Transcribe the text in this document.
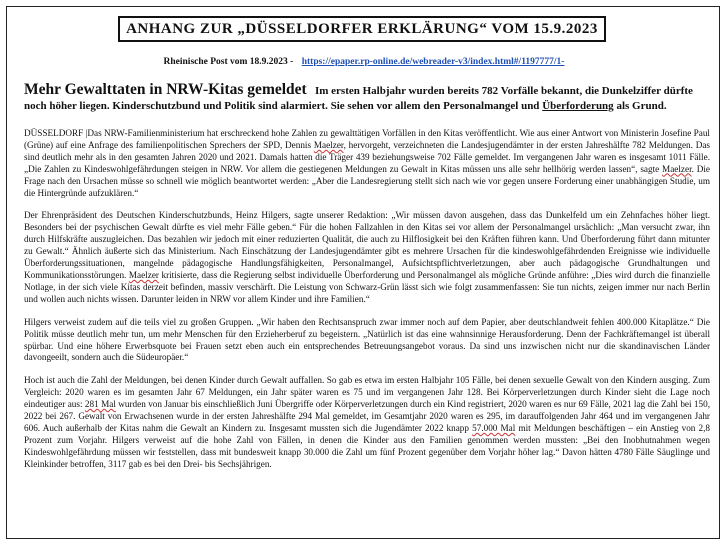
ANHANG ZUR „DÜSSELDORFER ERKLÄRUNG“ VOM 15.9.2023
Rheinische Post vom 18.9.2023 - https://epaper.rp-online.de/webreader-v3/index.html#/1197777/1-
Mehr Gewalttaten in NRW-Kitas gemeldet Im ersten Halbjahr wurden bereits 782 Vorfälle bekannt, die Dunkelziffer dürfte noch höher liegen. Kinderschutzbund und Politik sind alarmiert. Sie sehen vor allem den Personalmangel und Überforderung als Grund.

DÜSSELDORF |Das NRW-Familienministerium hat erschreckend hohe Zahlen zu gewalttätigen Vorfällen in den Kitas veröffentlicht. Wie aus einer Antwort von Ministerin Josefine Paul (Grüne) auf eine Anfrage des familienpolitischen Sprechers der SPD, Dennis Maelzer, hervorgeht, verzeichneten die Landesjugendämter in der ersten Jahreshälfte 782 Meldungen. Das sind deutlich mehr als in den gesamten Jahren 2020 und 2021. Damals hatten die Träger 439 beziehungsweise 702 Fälle gemeldet. Im vergangenen Jahr waren es insgesamt 1011 Fälle. „Die Zahlen zu Kindeswohlgefährdungen steigen in NRW. Vor allem die gestiegenen Meldungen zu Gewalt in Kitas müssen uns alle sehr hellhörig werden lassen“, sagte Maelzer. Die Frage nach den Ursachen müsse so schnell wie möglich beantwortet werden: „Aber die Landesregierung stellt sich nach wie vor gegen unsere Forderung einer unabhängigen Studie, um die Hintergründe aufzuklären.“

Der Ehrenpräsident des Deutschen Kinderschutzbunds, Heinz Hilgers, sagte unserer Redaktion: „Wir müssen davon ausgehen, dass das Dunkelfeld um ein Zehnfaches höher liegt. Besonders bei der psychischen Gewalt dürfte es viel mehr Fälle geben.“ Für die hohen Fallzahlen in den Kitas sei vor allem der Personalmangel ursächlich: „Man versucht zwar, ihn durch Hilfskräfte auszugleichen. Das bezahlen wir jedoch mit einer reduzierten Qualität, die auch zu Hilflosigkeit bei den Kräften führen kann. Und Überforderung führt dann mitunter zu Gewalt.“ Ähnlich äußerte sich das Ministerium. Nach Einschätzung der Landesjugendämter gibt es mehrere Ursachen für die kindeswohlgefährdenden Ereignisse wie individuelle Überforderungssituationen, mangelnde pädagogische Handlungsfähigkeiten, Personalmangel, Aufsichtspflichtverletzungen, aber auch pädagogische Grundhaltungen und Kommunikationsstörungen. Maelzer kritisierte, dass die Regierung selbst individuelle Überforderung und Personalmangel als mögliche Gründe anführe: „Dies wird durch die finanzielle Notlage, in der sich viele Kitas derzeit befinden, massiv verschärft. Die Leistung von Schwarz-Grün lässt sich wie folgt zusammenfassen: Sie tun nichts, zeigen immer nur nach Berlin und wollen auch nichts wissen. Darunter leiden in NRW vor allem Kinder und ihre Familien.“

Hilgers verweist zudem auf die teils viel zu großen Gruppen. „Wir haben den Rechtsanspruch zwar immer noch auf dem Papier, aber deutschlandweit fehlen 400.000 Kitaplätze.“ Die Politik müsse deutlich mehr tun, um mehr Menschen für den Erzieherberuf zu begeistern. „Natürlich ist das eine wahnsinnige Herausforderung. Denn der Fachkräftemangel ist überall spürbar. Und eine höhere Erwerbsquote bei Frauen setzt eben auch ein entsprechendes Betreuungsangebot voraus. Da sind uns inzwischen nicht nur die skandinavischen Länder davongeeilt, sondern auch die Südeuropäer.“

Hoch ist auch die Zahl der Meldungen, bei denen Kinder durch Gewalt auffallen. So gab es etwa im ersten Halbjahr 105 Fälle, bei denen sexuelle Gewalt von den Kindern ausging. Zum Vergleich: 2020 waren es im gesamten Jahr 67 Meldungen, ein Jahr später waren es 75 und im vergangenen Jahr 128. Bei Körperverletzungen durch Kinder sieht die Lage noch eindeutiger aus: 281 Mal wurden von Januar bis einschließlich Juni Übergriffe oder Körperverletzungen durch ein Kind registriert, 2020 waren es nur 69 Fälle, 2021 lag die Zahl bei 150, 2022 bei 267. Gewalt von Erwachsenen wurde in der ersten Jahreshälfte 294 Mal gemeldet, im Gesamtjahr 2020 waren es 295, im darauffolgenden Jahr 464 und im vergangenen Jahr 606. Auch außerhalb der Kitas nahm die Gewalt an Kindern zu. Insgesamt mussten sich die Jugendämter 2022 knapp 57.000 Mal mit Meldungen beschäftigen – ein Anstieg von 2,8 Prozent zum Vorjahr. Hilgers verweist auf die hohe Zahl von Fällen, in denen die Kinder aus den Familien genommen werden mussten: „Bei den Inobhutnahmen wegen Kindeswohlgefährdung müssen wir feststellen, dass mit bundesweit knapp 30.000 die Zahl um fünf Prozent gegenüber dem Vorjahr höher lag.“ Davon hätten 4780 Fälle Säuglinge und Kleinkinder betroffen, 3117 gab es bei den Drei- bis Sechsjährigen.
